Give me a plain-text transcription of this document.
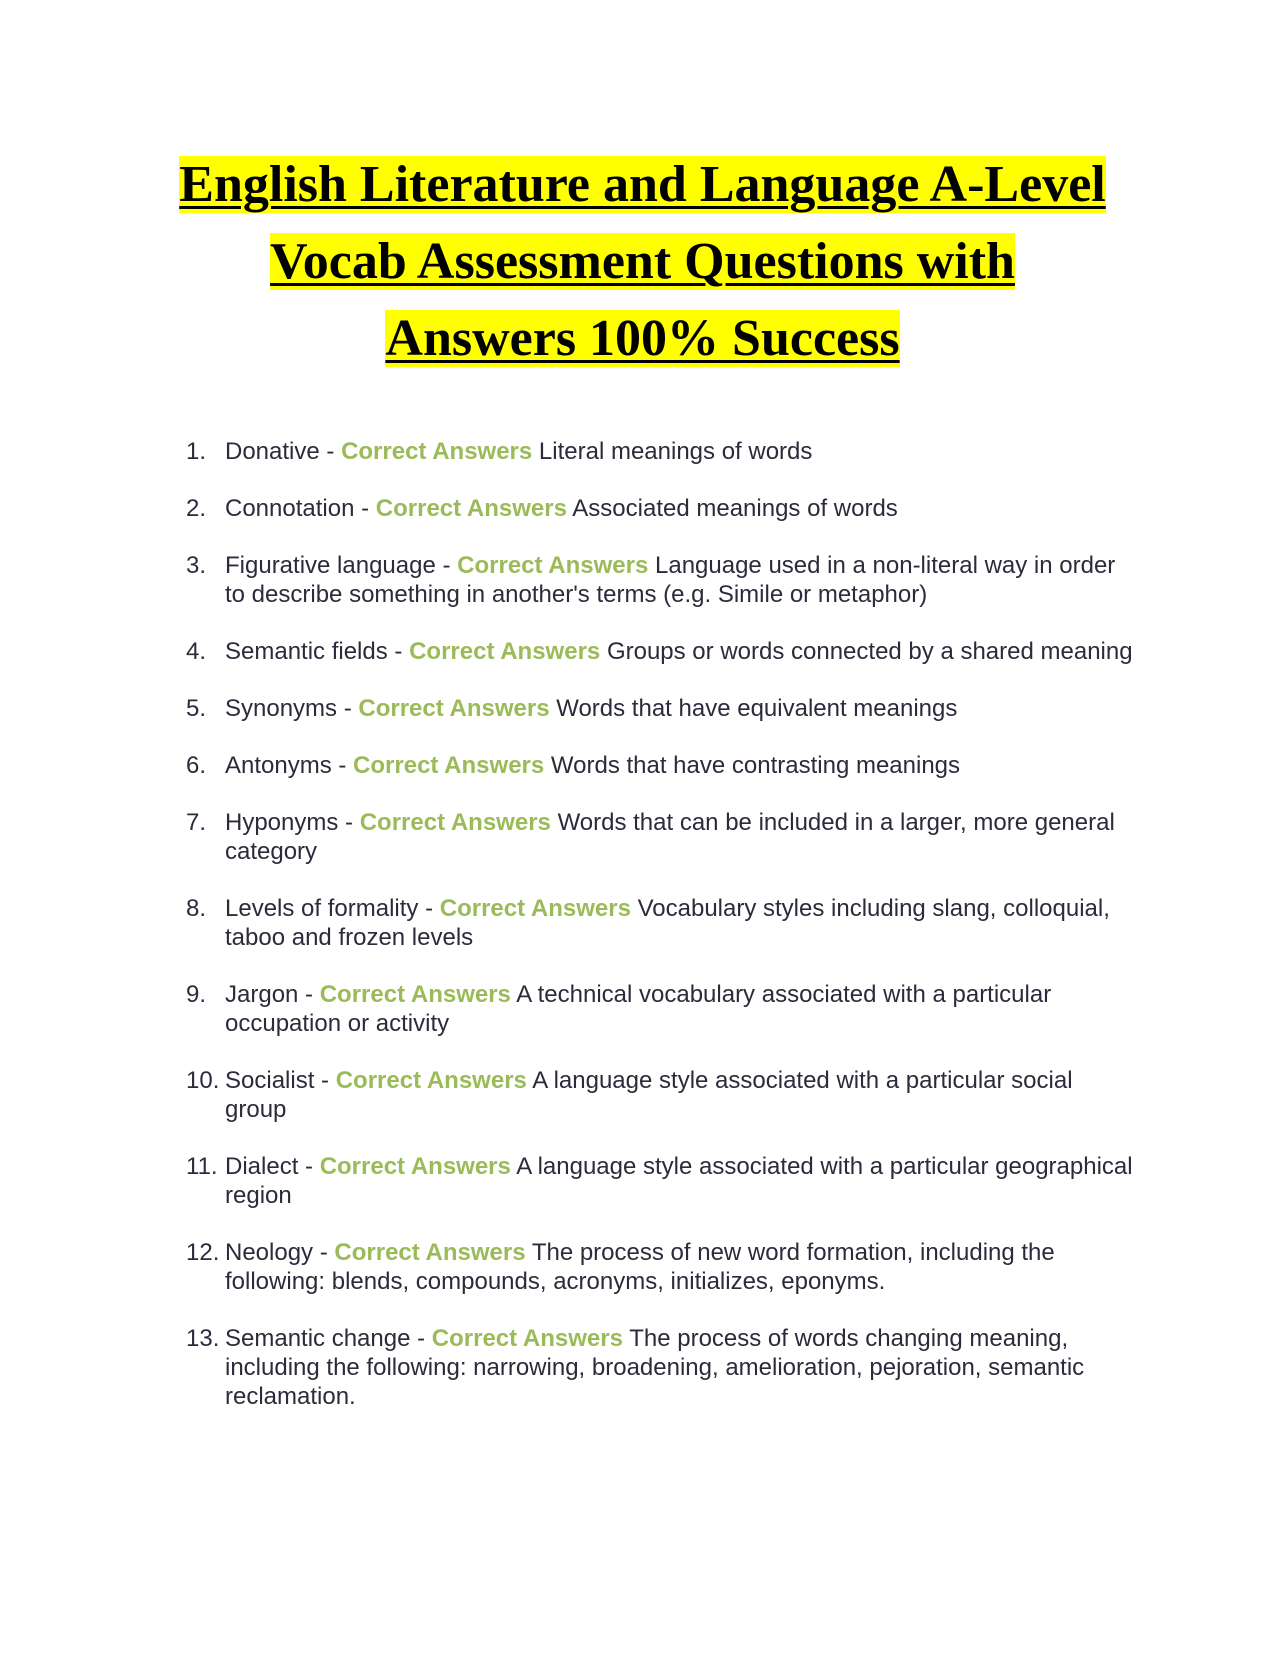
English Literature and Language A-Level Vocab Assessment Questions with Answers 100% Success
1. Donative - Correct Answers Literal meanings of words
2. Connotation - Correct Answers Associated meanings of words
3. Figurative language - Correct Answers Language used in a non-literal way in order to describe something in another's terms (e.g. Simile or metaphor)
4. Semantic fields - Correct Answers Groups or words connected by a shared meaning
5. Synonyms - Correct Answers Words that have equivalent meanings
6. Antonyms - Correct Answers Words that have contrasting meanings
7. Hyponyms - Correct Answers Words that can be included in a larger, more general category
8. Levels of formality - Correct Answers Vocabulary styles including slang, colloquial, taboo and frozen levels
9. Jargon - Correct Answers A technical vocabulary associated with a particular occupation or activity
10. Socialist - Correct Answers A language style associated with a particular social group
11. Dialect - Correct Answers A language style associated with a particular geographical region
12. Neology - Correct Answers The process of new word formation, including the following: blends, compounds, acronyms, initializes, eponyms.
13. Semantic change - Correct Answers The process of words changing meaning, including the following: narrowing, broadening, amelioration, pejoration, semantic reclamation.
